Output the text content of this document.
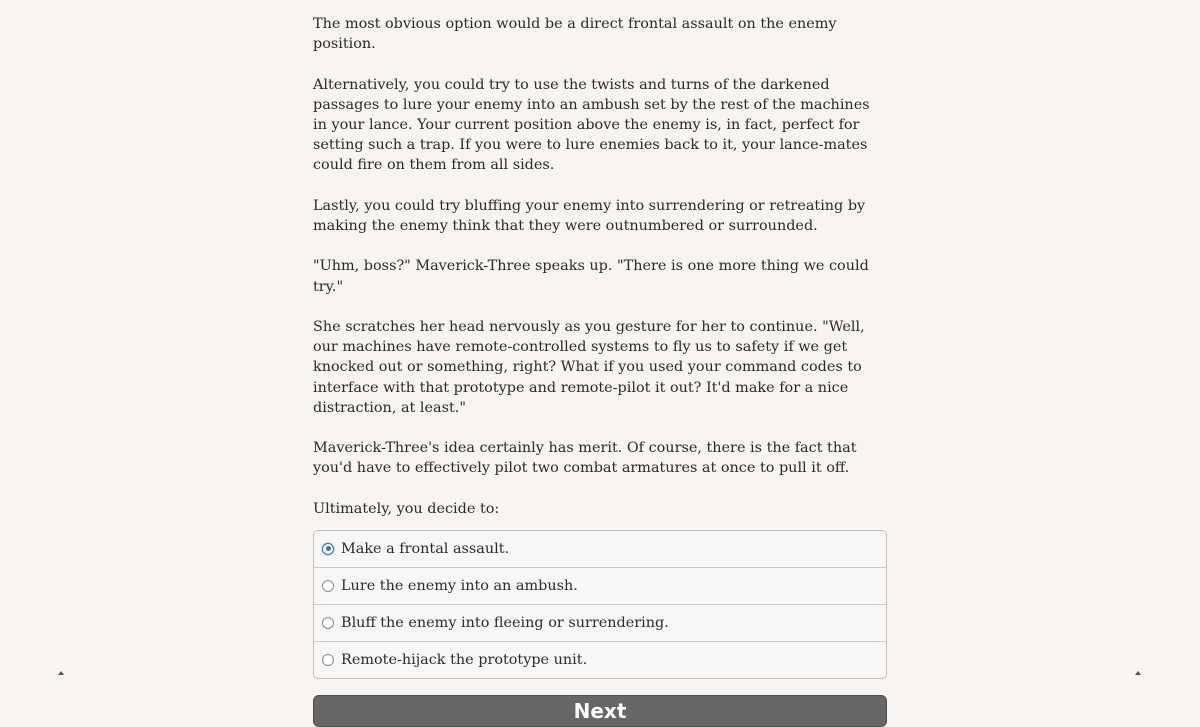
The most obvious option would be a direct frontal assault on the enemy position.

Alternatively, you could try to use the twists and turns of the darkened passages to lure your enemy into an ambush set by the rest of the machines in your lance. Your current position above the enemy is, in fact, perfect for setting such a trap. If you were to lure enemies back to it, your lance-mates could fire on them from all sides.

Lastly, you could try bluffing your enemy into surrendering or retreating by making the enemy think that they were outnumbered or surrounded.

"Uhm, boss?" Maverick-Three speaks up. "There is one more thing we could try."

She scratches her head nervously as you gesture for her to continue. "Well, our machines have remote-controlled systems to fly us to safety if we get knocked out or something, right? What if you used your command codes to interface with that prototype and remote-pilot it out? It'd make for a nice distraction, at least."

Maverick-Three's idea certainly has merit. Of course, there is the fact that you'd have to effectively pilot two combat armatures at once to pull it off.

Ultimately, you decide to:

Make a frontal assault.
Lure the enemy into an ambush.
Bluff the enemy into fleeing or surrendering.
Remote-hijack the prototype unit.
Next
